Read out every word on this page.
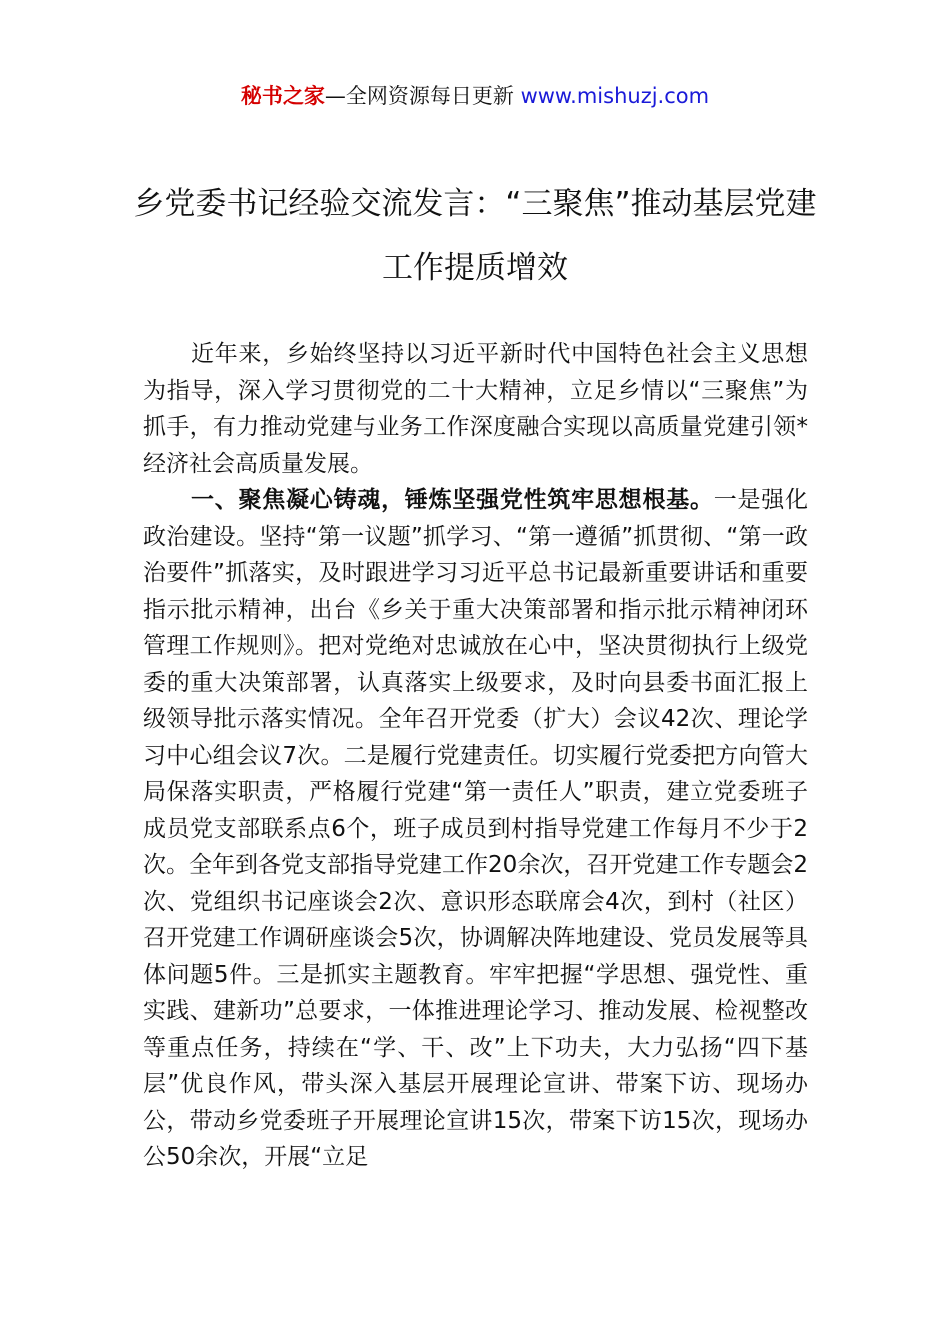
秘书之家—全网资源每日更新 www.mishuzj.com
乡党委书记经验交流发言：“三聚焦”推动基层党建工作提质增效

近年来，乡始终坚持以习近平新时代中国特色社会主义思想为指导，深入学习贯彻党的二十大精神，立足乡情以“三聚焦”为抓手，有力推动党建与业务工作深度融合实现以高质量党建引领*经济社会高质量发展。

一、聚焦凝心铸魂，锤炼坚强党性筑牢思想根基。一是强化政治建设。坚持“第一议题”抓学习、“第一遵循”抓贯彻、“第一政治要件”抓落实，及时跟进学习习近平总书记最新重要讲话和重要指示批示精神，出台《乡关于重大决策部署和指示批示精神闭环管理工作规则》。把对党绝对忠诚放在心中，坚决贯彻执行上级党委的重大决策部署，认真落实上级要求，及时向县委书面汇报上级领导批示落实情况。全年召开党委（扩大）会议42次、理论学习中心组会议7次。二是履行党建责任。切实履行党委把方向管大局保落实职责，严格履行党建“第一责任人”职责，建立党委班子成员党支部联系点6个，班子成员到村指导党建工作每月不少于2次。全年到各党支部指导党建工作20余次，召开党建工作专题会2次、党组织书记座谈会2次、意识形态联席会4次，到村（社区）召开党建工作调研座谈会5次，协调解决阵地建设、党员发展等具体问题5件。三是抓实主题教育。牢牢把握“学思想、强党性、重实践、建新功”总要求，一体推进理论学习、推动发展、检视整改等重点任务，持续在“学、干、改”上下功夫，大力弘扬“四下基层”优良作风，带头深入基层开展理论宣讲、带案下访、现场办公，带动乡党委班子开展理论宣讲15次，带案下访15次，现场办公50余次，开展“立足
